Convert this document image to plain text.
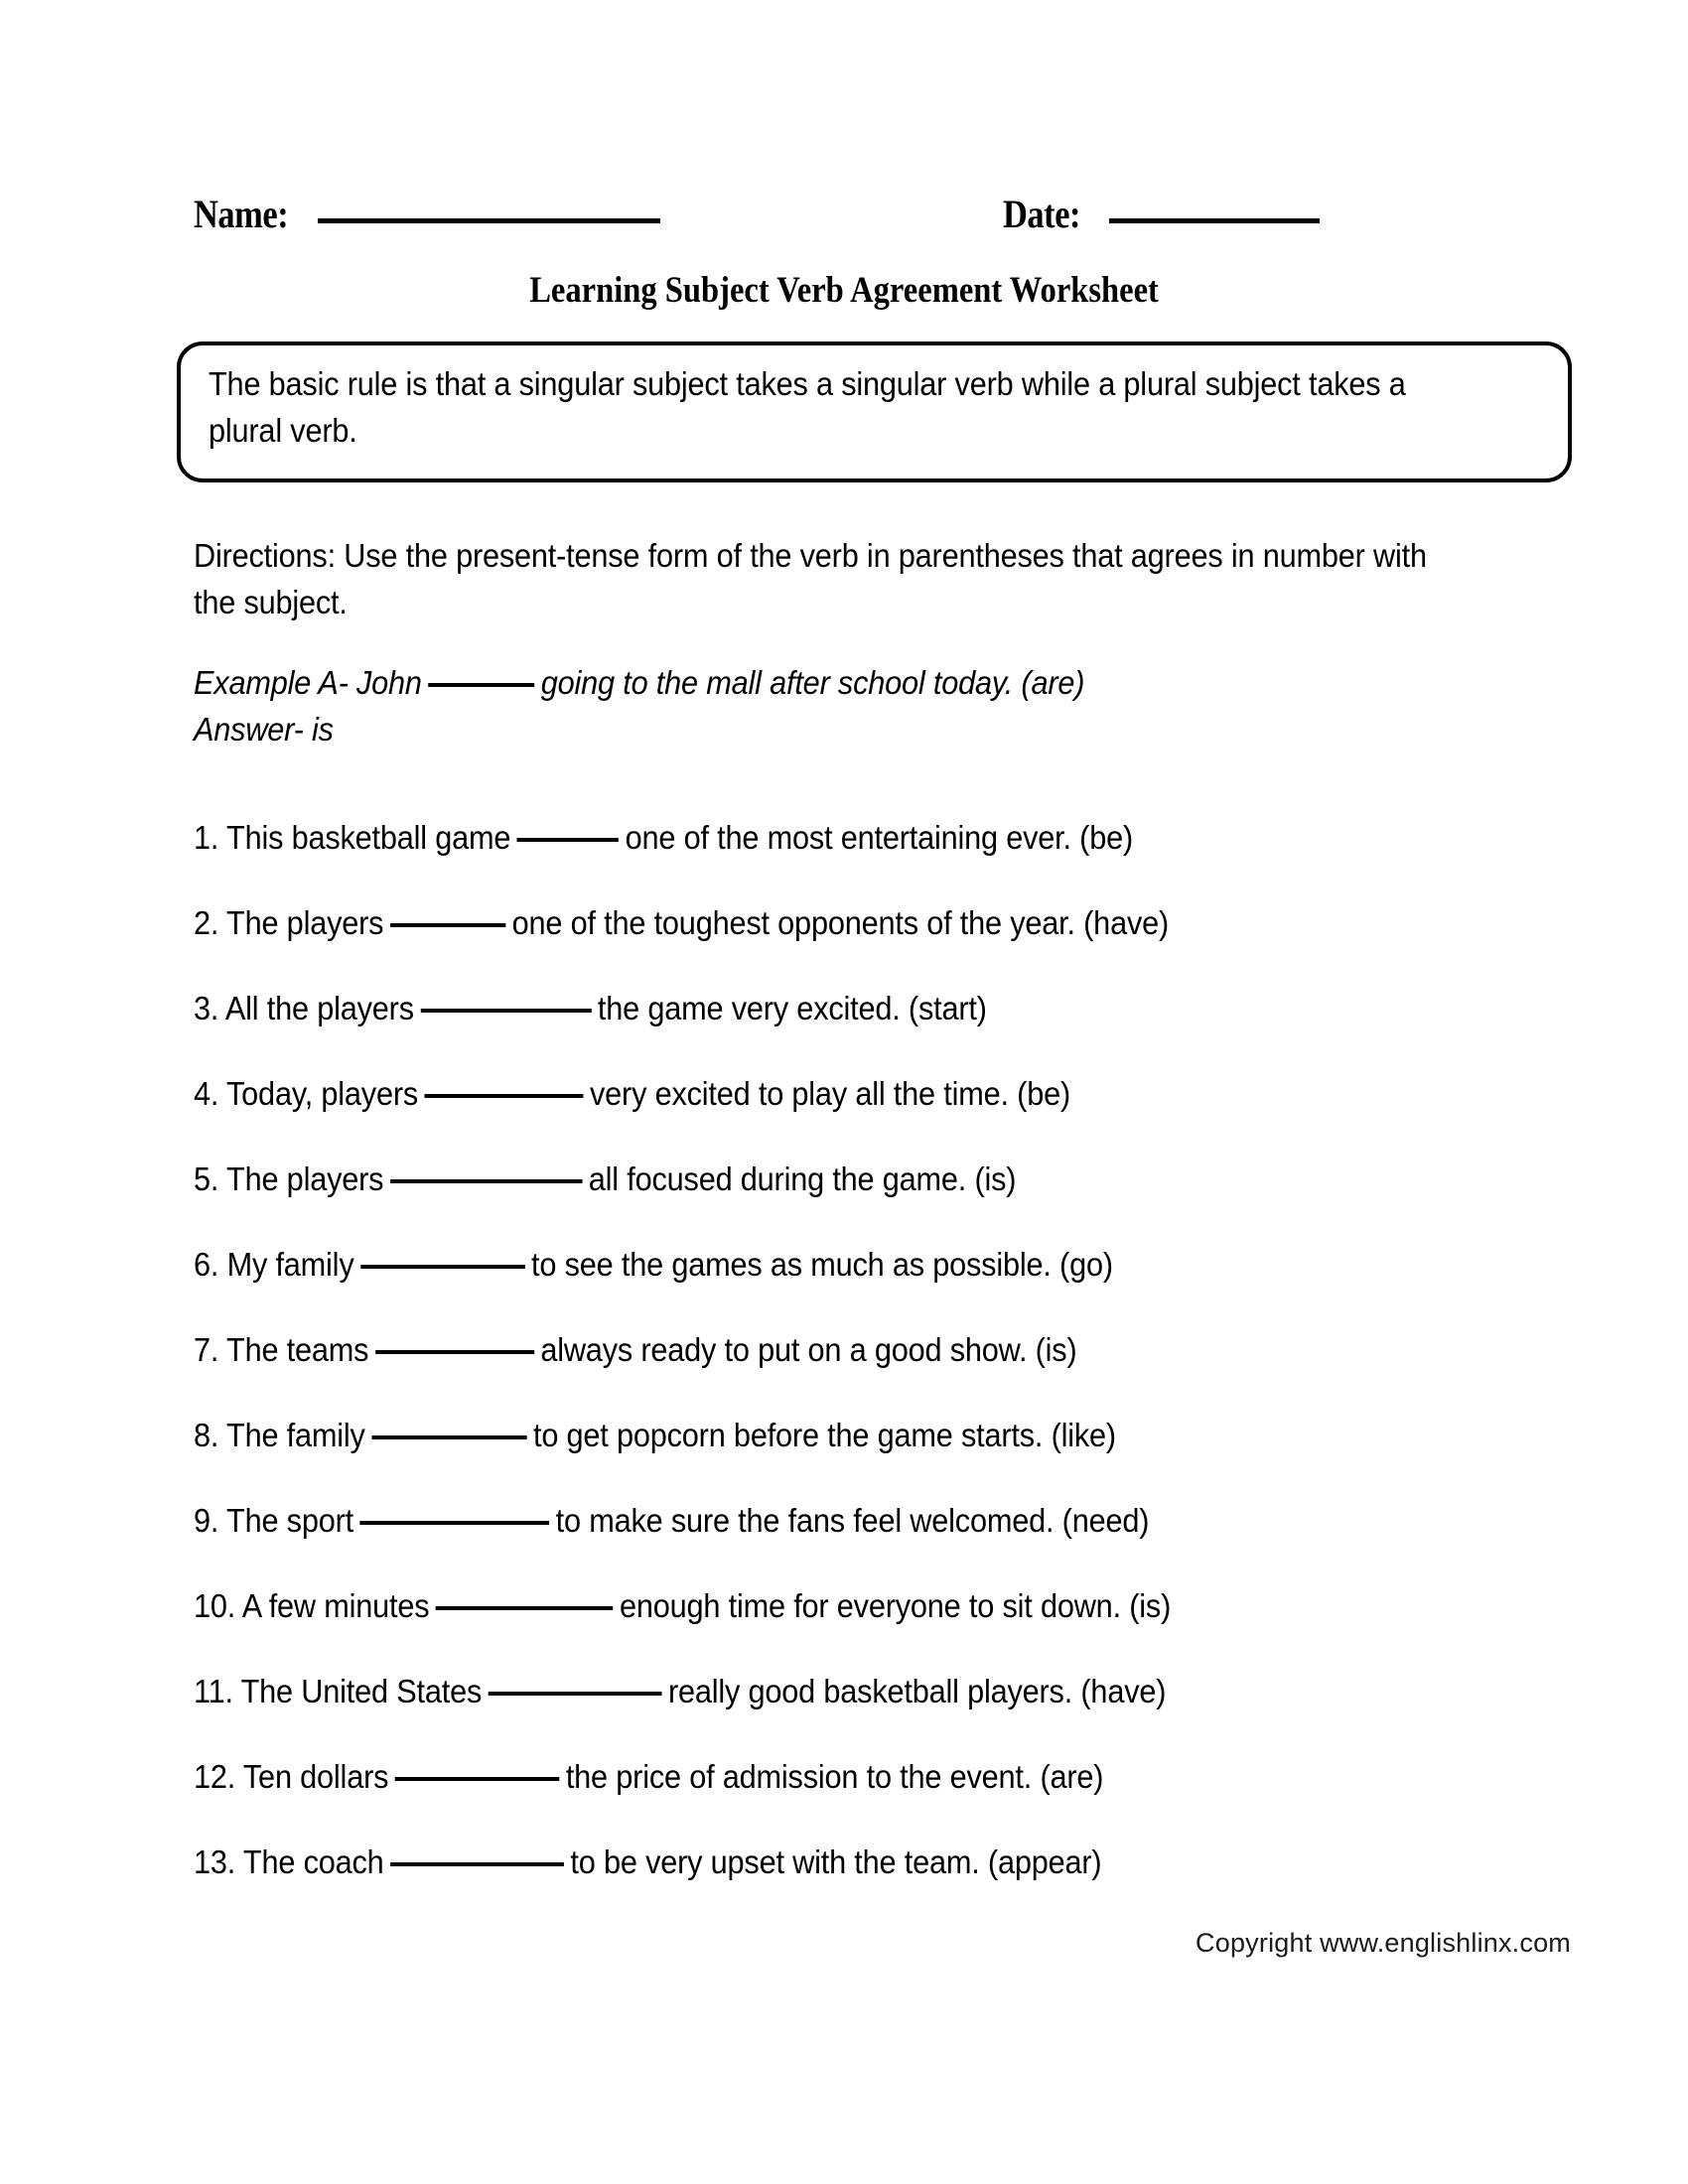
Name:	Date:
Learning Subject Verb Agreement Worksheet
The basic rule is that a singular subject takes a singular verb while a plural subject takes a plural verb.
Directions: Use the present-tense form of the verb in parentheses that agrees in number with the subject.
Example A- John	going to the mall after school today. (are)
Answer- is
1. This basketball game	one of the most entertaining ever. (be)
2. The players	one of the toughest opponents of the year. (have)
3. All the players	the game very excited. (start)
4. Today, players	very excited to play all the time. (be)
5. The players	all focused during the game. (is)
6. My family	to see the games as much as possible. (go)
7. The teams	always ready to put on a good show. (is)
8. The family	to get popcorn before the game starts. (like)
9. The sport	to make sure the fans feel welcomed. (need)
10. A few minutes	enough time for everyone to sit down. (is)
11. The United States	really good basketball players. (have)
12. Ten dollars	the price of admission to the event. (are)
13. The coach	to be very upset with the team. (appear)
Copyright www.englishlinx.com
